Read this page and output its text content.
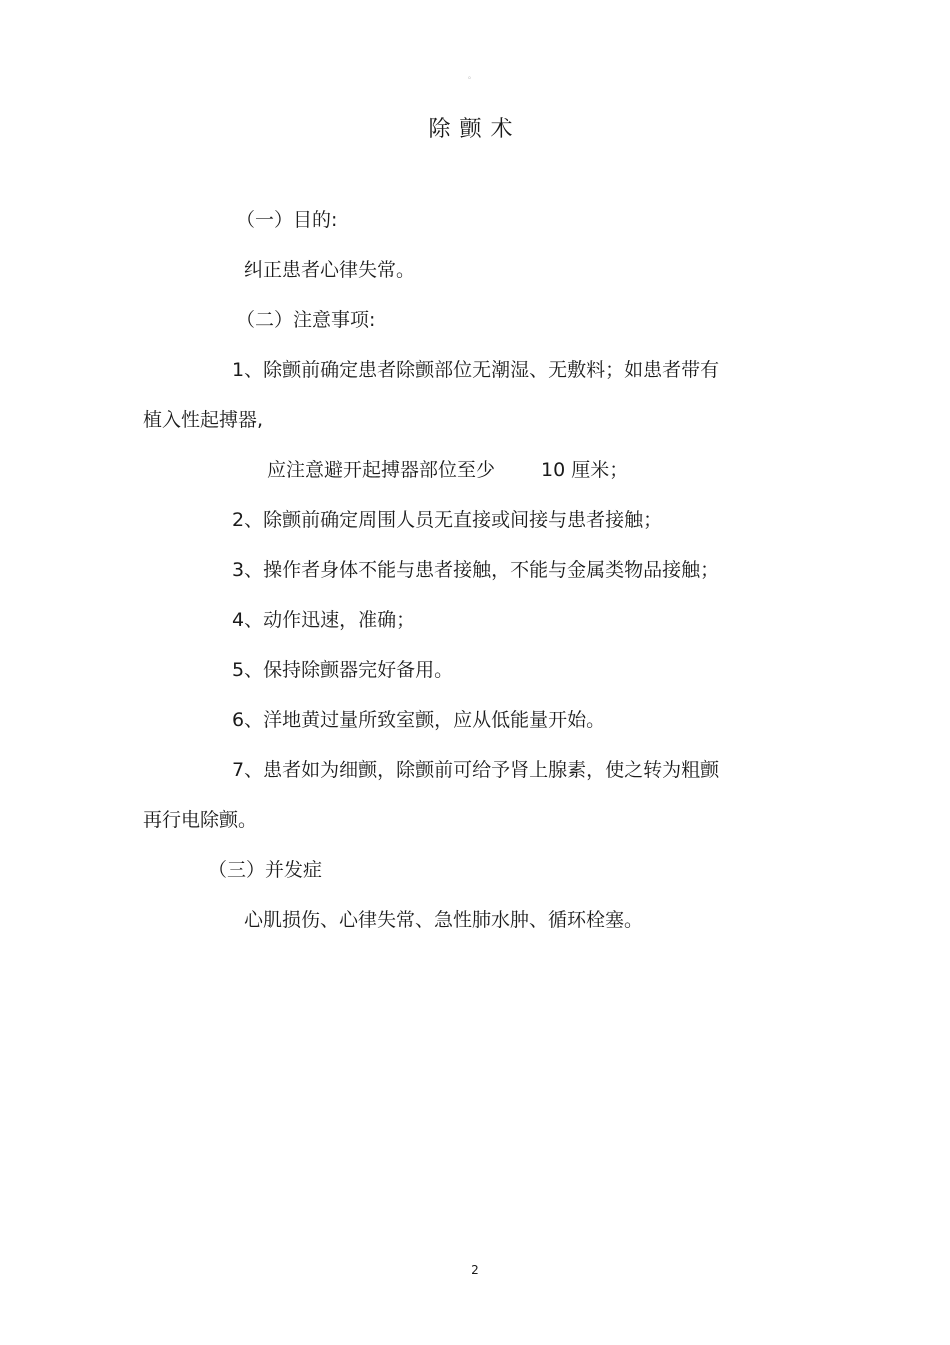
。
除颤术
（一）目的:
纠正患者心律失常。
（二）注意事项:
1、除颤前确定患者除颤部位无潮湿、无敷料；如患者带有
植入性起搏器,
应注意避开起搏器部位至少 10 厘米；
2、除颤前确定周围人员无直接或间接与患者接触；
3、操作者身体不能与患者接触，不能与金属类物品接触；
4、动作迅速，准确；
5、保持除颤器完好备用。
6、洋地黄过量所致室颤，应从低能量开始。
7、患者如为细颤，除颤前可给予肾上腺素，使之转为粗颤
再行电除颤。
（三）并发症
心肌损伤、心律失常、急性肺水肿、循环栓塞。
2
